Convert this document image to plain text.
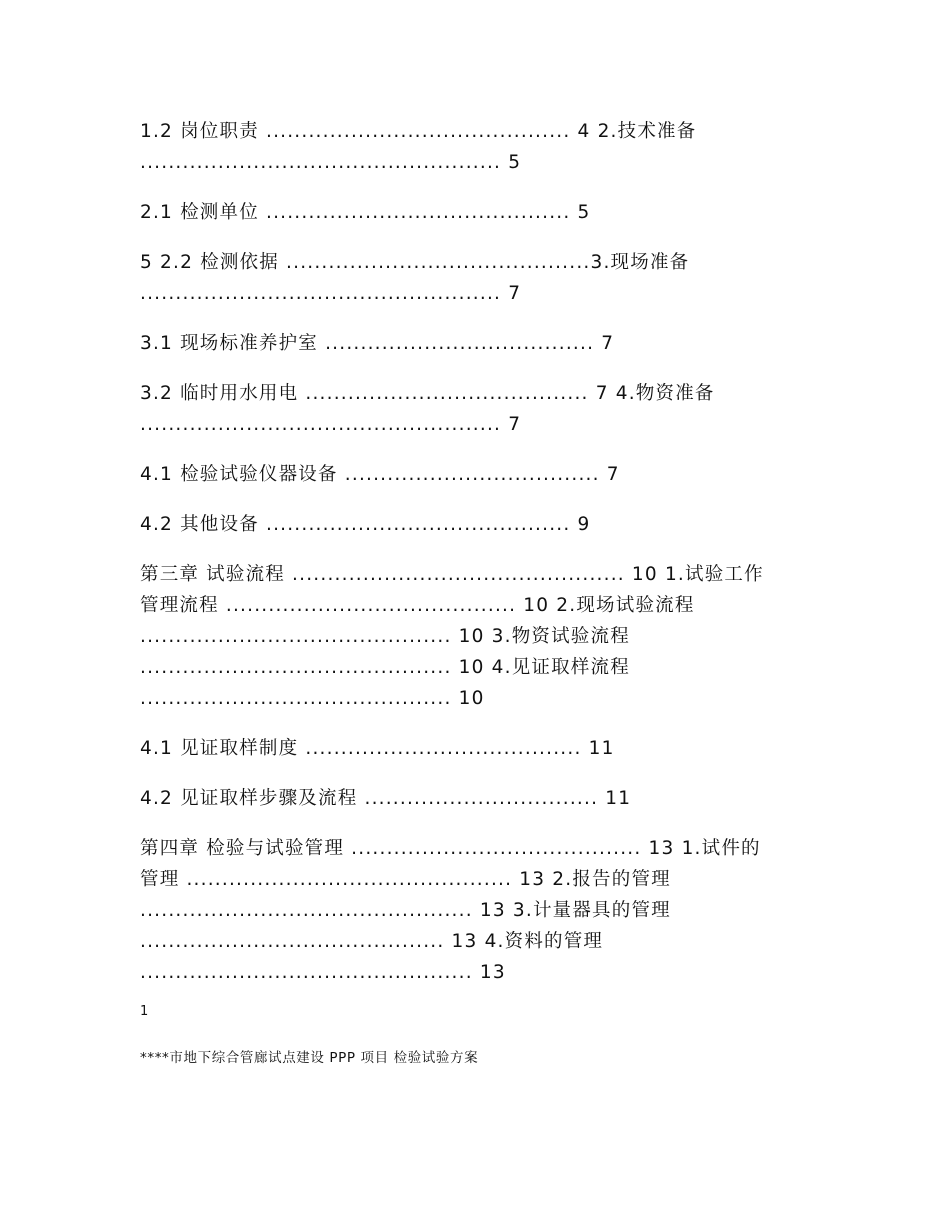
1.2 岗位职责 ........................................... 4 2.技术准备
................................................... 5
2.1 检测单位 ........................................... 5
5 2.2 检测依据 ...........................................3.现场准备
................................................... 7
3.1 现场标准养护室 ...................................... 7
3.2 临时用水用电 ........................................ 7 4.物资准备
................................................... 7
4.1 检验试验仪器设备 .................................... 7
4.2 其他设备 ........................................... 9
第三章 试验流程 ............................................... 10 1.试验工作
管理流程 ......................................... 10 2.现场试验流程
............................................ 10 3.物资试验流程
............................................ 10 4.见证取样流程
............................................ 10
4.1 见证取样制度 ....................................... 11
4.2 见证取样步骤及流程 ................................. 11
第四章 检验与试验管理 ......................................... 13 1.试件的
管理 .............................................. 13 2.报告的管理
............................................... 13 3.计量器具的管理
........................................... 13 4.资料的管理
............................................... 13
1
****市地下综合管廊试点建设 PPP 项目 检验试验方案
